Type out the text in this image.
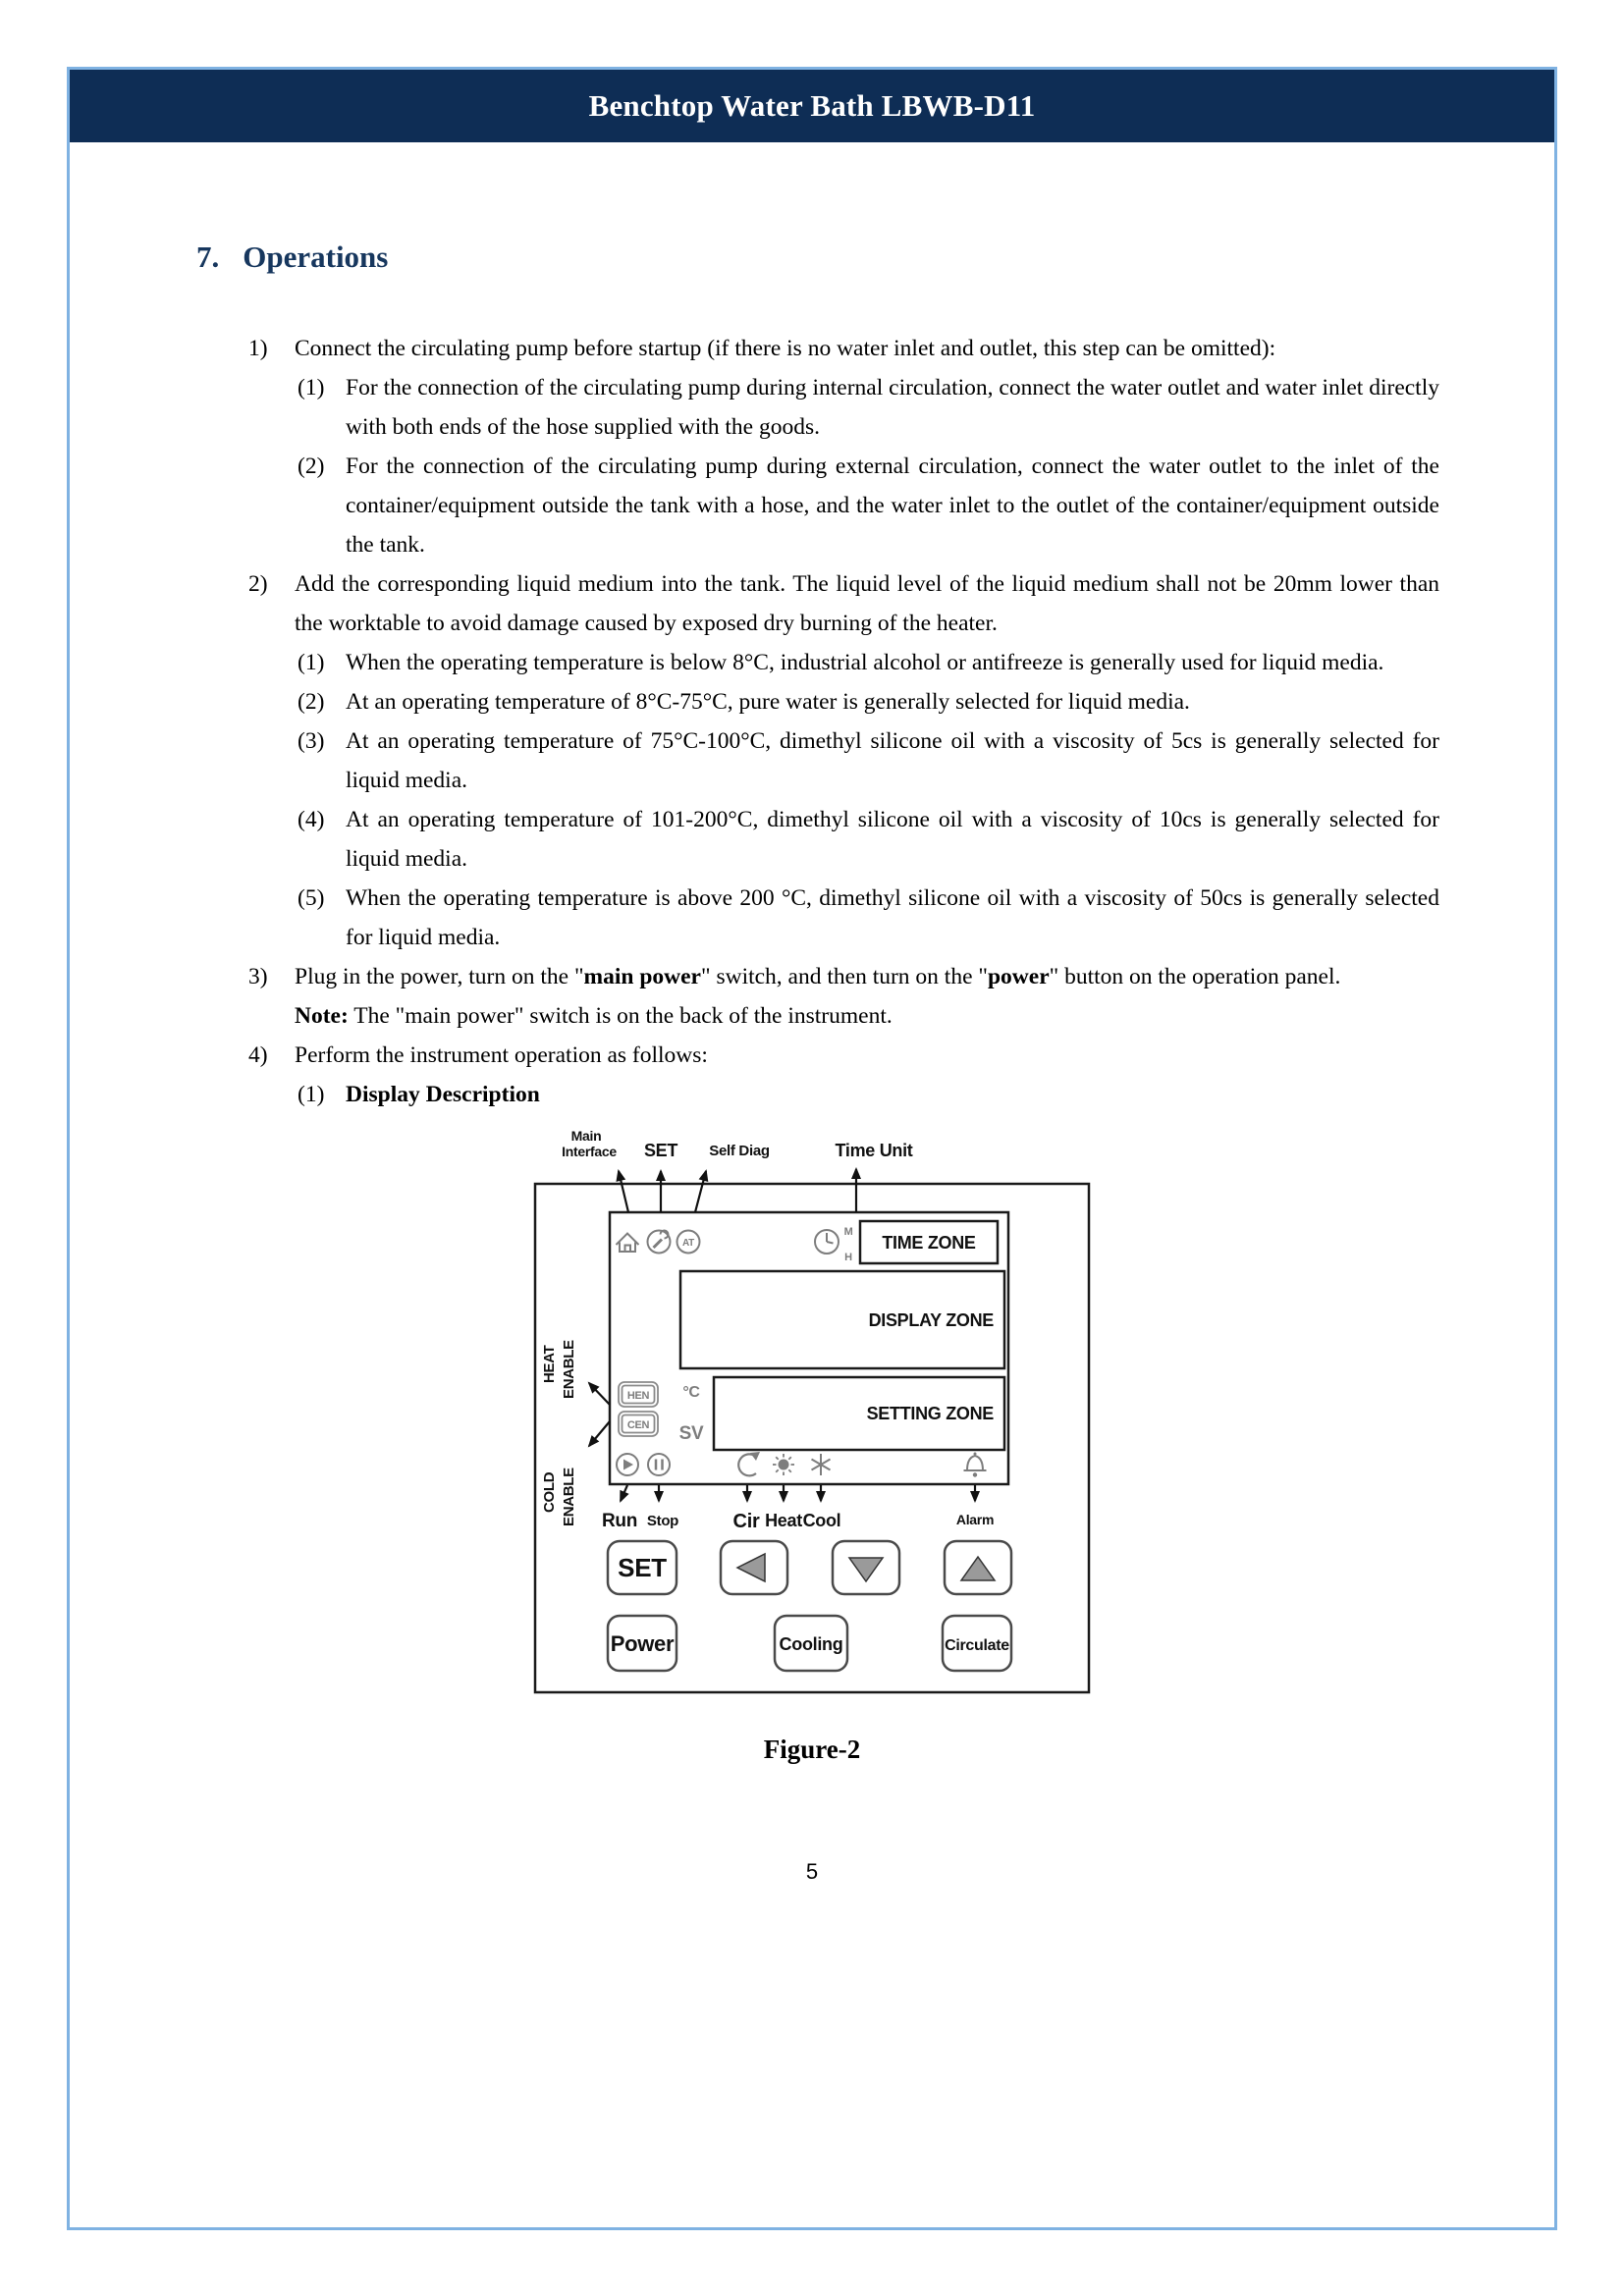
Benchtop Water Bath LBWB-D11
7. Operations
1) Connect the circulating pump before startup (if there is no water inlet and outlet, this step can be omitted):
(1) For the connection of the circulating pump during internal circulation, connect the water outlet and water inlet directly with both ends of the hose supplied with the goods.
(2) For the connection of the circulating pump during external circulation, connect the water outlet to the inlet of the container/equipment outside the tank with a hose, and the water inlet to the outlet of the container/equipment outside the tank.
2) Add the corresponding liquid medium into the tank. The liquid level of the liquid medium shall not be 20mm lower than the worktable to avoid damage caused by exposed dry burning of the heater.
(1) When the operating temperature is below 8°C, industrial alcohol or antifreeze is generally used for liquid media.
(2) At an operating temperature of 8°C-75°C, pure water is generally selected for liquid media.
(3) At an operating temperature of 75°C-100°C, dimethyl silicone oil with a viscosity of 5cs is generally selected for liquid media.
(4) At an operating temperature of 101-200°C, dimethyl silicone oil with a viscosity of 10cs is generally selected for liquid media.
(5) When the operating temperature is above 200 °C, dimethyl silicone oil with a viscosity of 50cs is generally selected for liquid media.
3) Plug in the power, turn on the "main power" switch, and then turn on the "power" button on the operation panel.
Note: The "main power" switch is on the back of the instrument.
4) Perform the instrument operation as follows:
(1) Display Description
Main
Interface SET Self Diag	Time Unit
AT
M
H
TIME ZONE
DISPLAY ZONE
SETTING ZONE
°C
SV
HEN
CEN
HEAT ENABLE
COLD ENABLE Run Stop	Cir Heat Cool	Alarm
SET
Power	Cooling	Circulate
Figure-2
5
